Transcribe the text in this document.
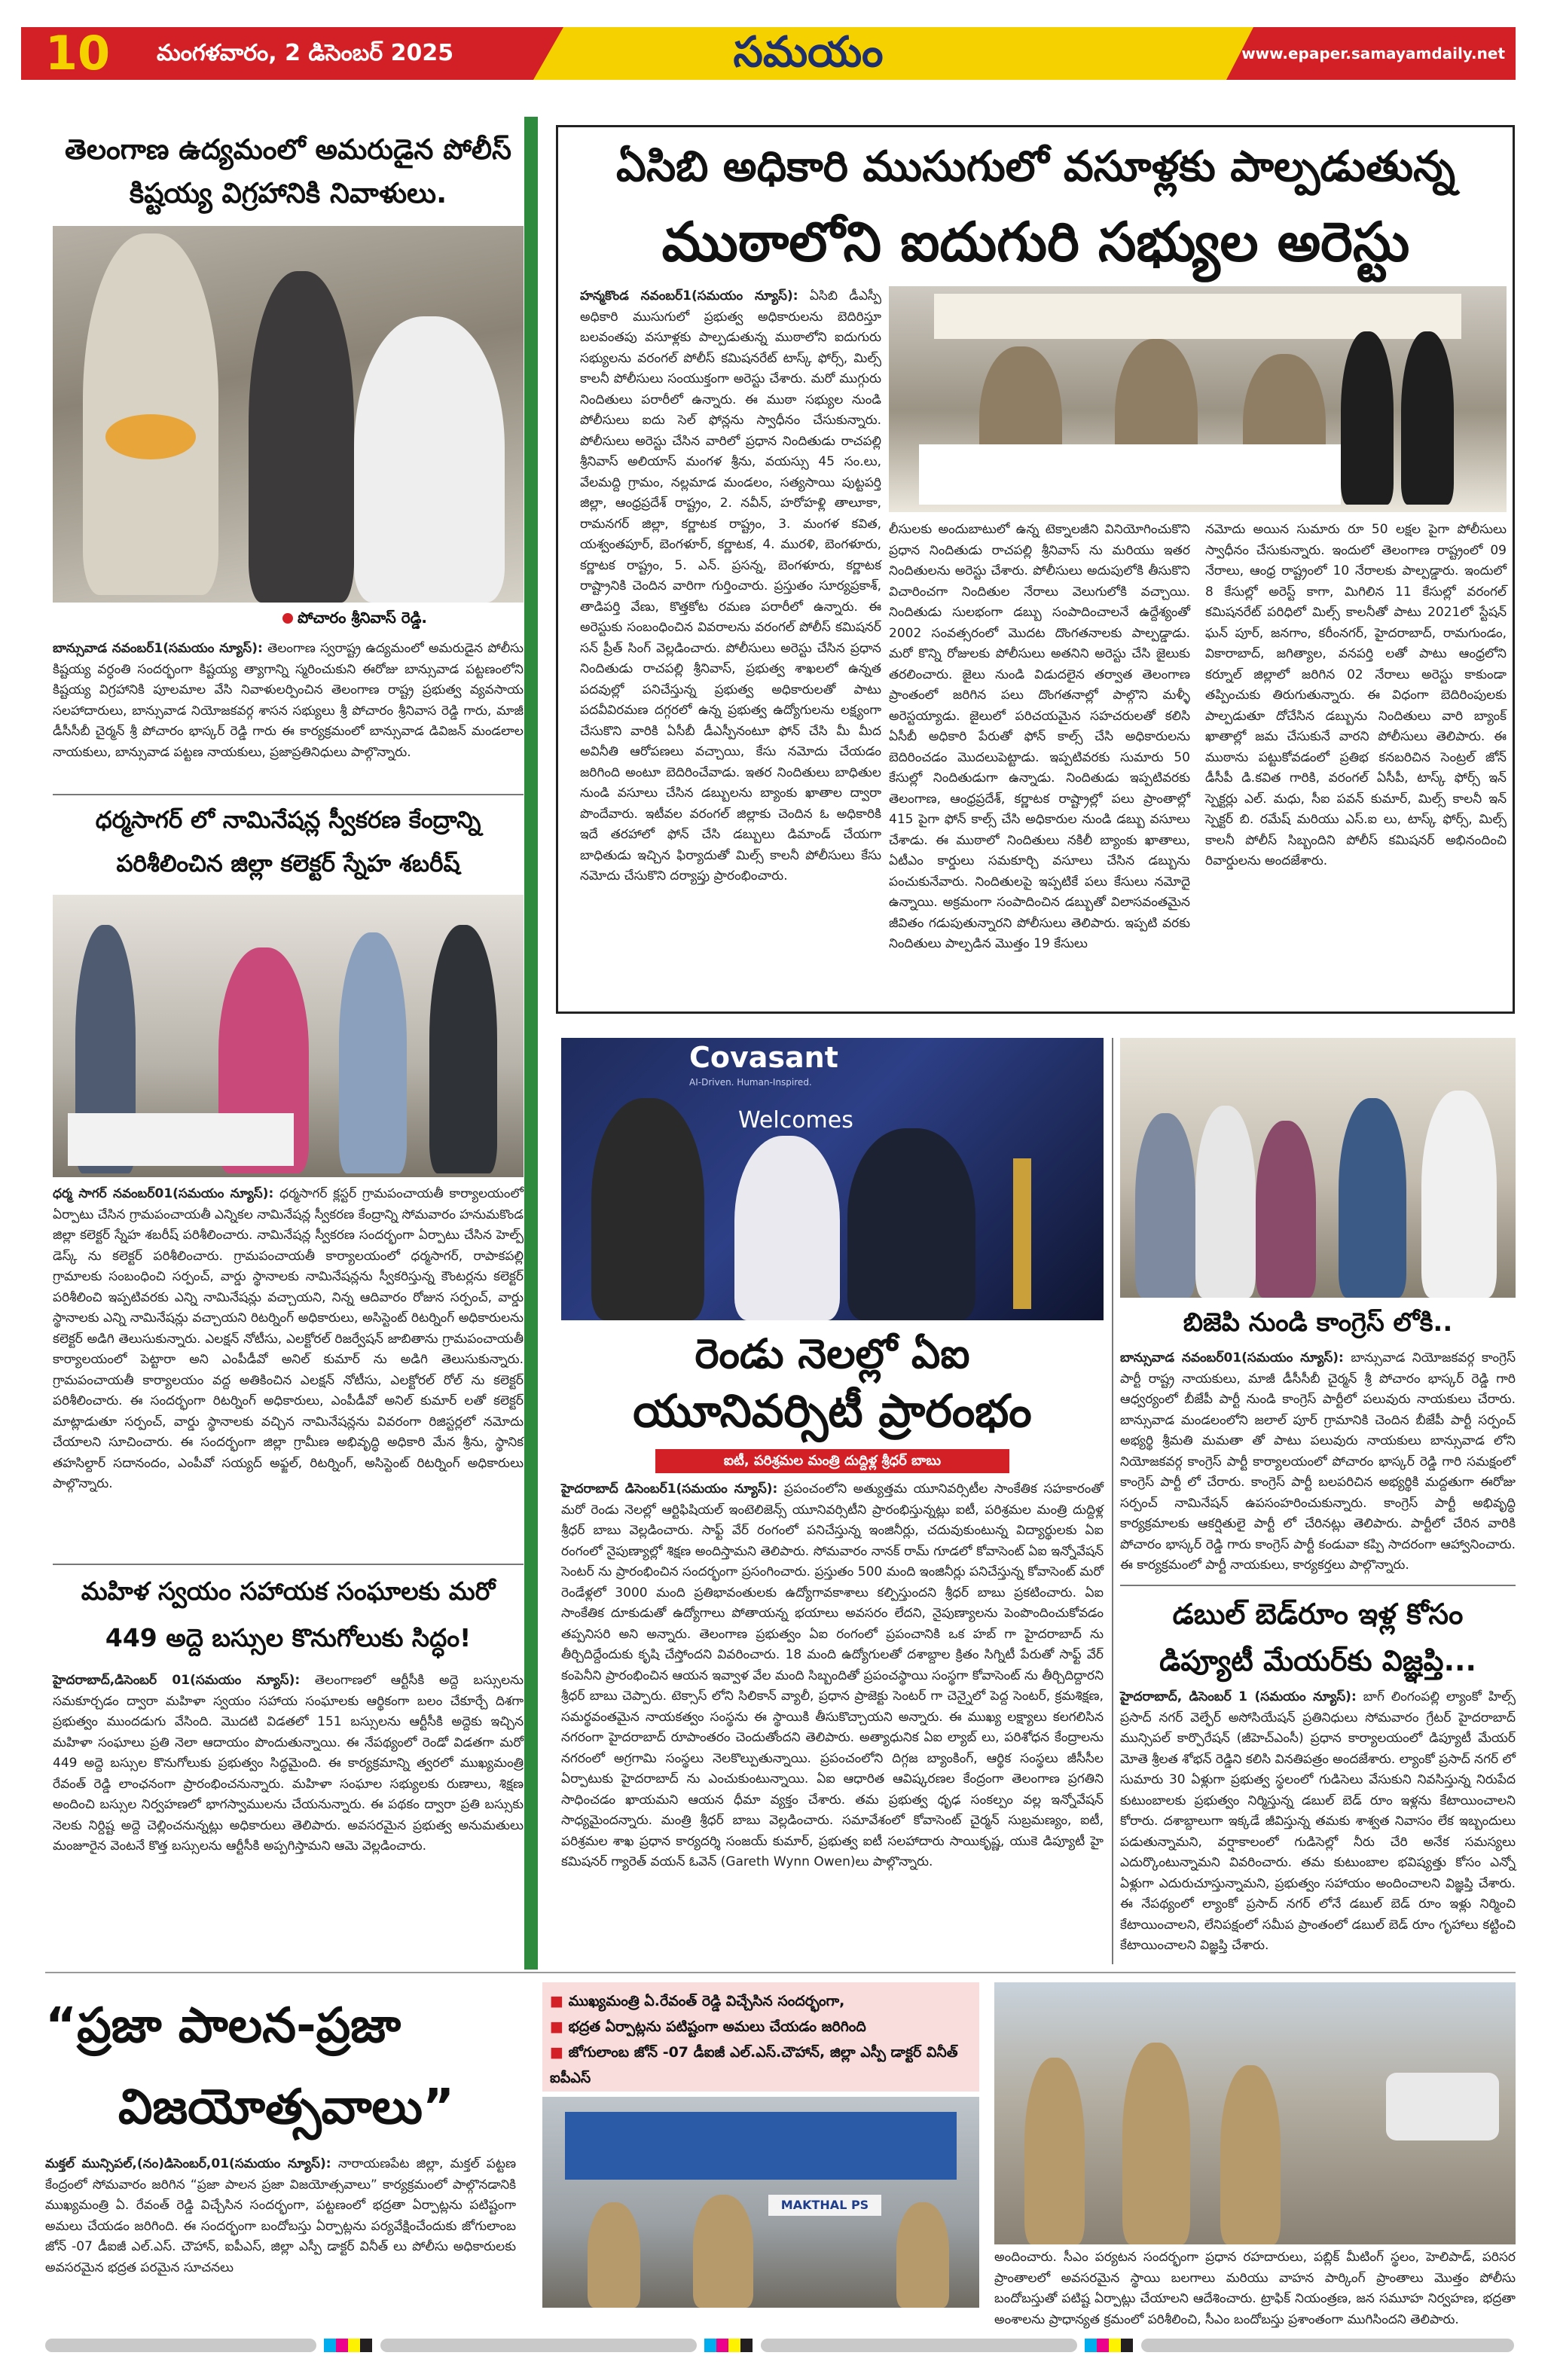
10	మంగళవారం, 2 డిసెంబర్ 2025	సమయం	www.epaper.samayamdaily.net
తెలంగాణ ఉద్యమంలో అమరుడైన పోలీస్ కిష్టయ్య విగ్రహానికి నివాళులు.
పోచారం శ్రీనివాస్ రెడ్డి.
బాన్సువాడ నవంబర్1(సమయం న్యూస్): తెలంగాణ స్వరాష్ట్ర ఉద్యమంలో అమరుడైన పోలీసు కిష్టయ్య వర్ధంతి సందర్భంగా కిష్టయ్య త్యాగాన్ని స్మరించుకుని ఈరోజు బాన్సువాడ పట్టణంలోని కిష్టయ్య విగ్రహానికి పూలమాల వేసి నివాళులర్పించిన తెలంగాణ రాష్ట్ర ప్రభుత్వ వ్యవసాయ సలహాదారులు, బాన్సువాడ నియోజకవర్గ శాసన సభ్యులు శ్రీ పోచారం శ్రీనివాస రెడ్డి గారు, మాజీ డీసీసీబీ చైర్మన్ శ్రీ పోచారం భాస్కర్ రెడ్డి గారు ఈ కార్యక్రమంలో బాన్సువాడ డివిజన్ మండలాల నాయకులు, బాన్సువాడ పట్టణ నాయకులు, ప్రజాప్రతినిధులు పాల్గొన్నారు.
ధర్మసాగర్ లో నామినేషన్ల స్వీకరణ కేంద్రాన్ని పరిశీలించిన జిల్లా కలెక్టర్ స్నేహ శబరీష్
ధర్మ సాగర్ నవంబర్01(సమయం న్యూస్): ధర్మసాగర్ క్లస్టర్ గ్రామపంచాయతీ కార్యాలయంలో ఏర్పాటు చేసిన గ్రామపంచాయతీ ఎన్నికల నామినేషన్ల స్వీకరణ కేంద్రాన్ని సోమవారం హనుమకొండ జిల్లా కలెక్టర్ స్నేహ శబరీష్ పరిశీలించారు. నామినేషన్ల స్వీకరణ సందర్భంగా ఏర్పాటు చేసిన హెల్ప్ డెస్క్ ను కలెక్టర్ పరిశీలించారు. గ్రామపంచాయతీ కార్యాలయంలో ధర్మసాగర్, రాపాకపల్లి గ్రామాలకు సంబంధించి సర్పంచ్, వార్డు స్థానాలకు నామినేషన్లను స్వీకరిస్తున్న కౌంటర్లను కలెక్టర్ పరిశీలించి ఇప్పటివరకు ఎన్ని నామినేషన్లు వచ్చాయని, నిన్న ఆదివారం రోజున సర్పంచ్, వార్డు స్థానాలకు ఎన్ని నామినేషన్లు వచ్చాయని రిటర్నింగ్ అధికారులు, అసిస్టెంట్ రిటర్నింగ్ అధికారులను కలెక్టర్ అడిగి తెలుసుకున్నారు. ఎలక్షన్ నోటీసు, ఎలక్టోరల్ రిజర్వేషన్ జాబితాను గ్రామపంచాయతీ కార్యాలయంలో పెట్టారా అని ఎంపీడీవో అనిల్ కుమార్ ను అడిగి తెలుసుకున్నారు. గ్రామపంచాయతీ కార్యాలయం వద్ద అతికించిన ఎలక్షన్ నోటీసు, ఎలక్టోరల్ రోల్ ను కలెక్టర్ పరిశీలించారు. ఈ సందర్భంగా రిటర్నింగ్ అధికారులు, ఎంపీడీవో అనిల్ కుమార్ లతో కలెక్టర్ మాట్లాడుతూ సర్పంచ్, వార్డు స్థానాలకు వచ్చిన నామినేషన్లను వివరంగా రిజిస్టర్లలో నమోదు చేయాలని సూచించారు. ఈ సందర్భంగా జిల్లా గ్రామీణ అభివృద్ధి అధికారి మేన శ్రీను, స్థానిక తహసిల్దార్ సదానందం, ఎంపీవో సయ్యద్ అఫ్జల్, రిటర్నింగ్, అసిస్టెంట్ రిటర్నింగ్ అధికారులు పాల్గొన్నారు.
మహిళ స్వయం సహాయక సంఘాలకు మరో 449 అద్దె బస్సుల కొనుగోలుకు సిద్ధం!
హైదరాబాద్,డిసెంబర్ 01(సమయం న్యూస్): తెలంగాణలో ఆర్టీసీకి అద్దె బస్సులను సమకూర్చడం ద్వారా మహిళా స్వయం సహాయ సంఘాలకు ఆర్థికంగా బలం చేకూర్చే దిశగా ప్రభుత్వం ముందడుగు వేసింది. మొదటి విడతలో 151 బస్సులను ఆర్టీసీకి అద్దెకు ఇచ్చిన మహిళా సంఘాలు ప్రతి నెలా ఆదాయం పొందుతున్నాయి. ఈ నేపథ్యంలో రెండో విడతగా మరో 449 అద్దె బస్సుల కొనుగోలుకు ప్రభుత్వం సిద్ధమైంది. ఈ కార్యక్రమాన్ని త్వరలో ముఖ్యమంత్రి రేవంత్ రెడ్డి లాంఛనంగా ప్రారంభించనున్నారు. మహిళా సంఘాల సభ్యులకు రుణాలు, శిక్షణ అందించి బస్సుల నిర్వహణలో భాగస్వాములను చేయనున్నారు. ఈ పథకం ద్వారా ప్రతి బస్సుకు నెలకు నిర్దిష్ట అద్దె చెల్లించనున్నట్లు అధికారులు తెలిపారు. అవసరమైన ప్రభుత్వ అనుమతులు మంజూరైన వెంటనే కొత్త బస్సులను ఆర్టీసీకి అప్పగిస్తామని ఆమె వెల్లడించారు.
ఏసిబి అధికారి ముసుగులో వసూళ్లకు పాల్పడుతున్న
ముఠాలోని ఐదుగురి సభ్యుల అరెస్టు
హన్మకొండ నవంబర్1(సమయం న్యూస్): ఏసిబి డీఎస్పీ అధికారి ముసుగులో ప్రభుత్వ అధికారులను బెదిరిస్తూ బలవంతపు వసూళ్లకు పాల్పడుతున్న ముఠాలోని ఐదుగురు సభ్యులను వరంగల్ పోలీస్ కమిషనరేట్ టాస్క్ ఫోర్స్, మిల్స్ కాలనీ పోలీసులు సంయుక్తంగా అరెస్టు చేశారు. మరో ముగ్గురు నిందితులు పరారీలో ఉన్నారు. ఈ ముఠా సభ్యుల నుండి పోలీసులు ఐదు సెల్ ఫోన్లను స్వాధీనం చేసుకున్నారు. పోలీసులు అరెస్టు చేసిన వారిలో ప్రధాన నిందితుడు రాచపల్లి శ్రీనివాస్ అలియాస్ మంగళ శ్రీను, వయస్సు 45 సం.లు, వేలమద్ది గ్రామం, నల్లమాడ మండలం, సత్యసాయి పుట్టపర్తి జిల్లా, ఆంధ్రప్రదేశ్ రాష్ట్రం, 2. నవీన్, హరోహళ్లి తాలూకా, రామనగర్ జిల్లా, కర్ణాటక రాష్ట్రం, 3. మంగళ కవిత, యశ్వంతపూర్, బెంగళూర్, కర్ణాటక, 4. మురళి, బెంగళూరు, కర్ణాటక రాష్ట్రం, 5. ఎన్. ప్రసన్న, బెంగళూరు, కర్ణాటక రాష్ట్రానికి చెందిన వారిగా గుర్తించారు. ప్రస్తుతం సూర్యప్రకాశ్, తాడిపర్తి వేణు, కొత్తకోట రమణ పరారీలో ఉన్నారు. ఈ అరెస్టుకు సంబంధించిన వివరాలను వరంగల్ పోలీస్ కమిషనర్ సన్ ప్రీత్ సింగ్ వెల్లడించారు. పోలీసులు అరెస్టు చేసిన ప్రధాన నిందితుడు రాచపల్లి శ్రీనివాస్, ప్రభుత్వ శాఖలలో ఉన్నత పదవుల్లో పనిచేస్తున్న ప్రభుత్వ అధికారులతో పాటు పదవీవిరమణ దగ్గరలో ఉన్న ప్రభుత్వ ఉద్యోగులను లక్ష్యంగా చేసుకొని వారికి ఏసీబీ డీఎస్పీనంటూ ఫోన్ చేసి మీ మీద అవినీతి ఆరోపణలు వచ్చాయి, కేసు నమోదు చేయడం జరిగింది అంటూ బెదిరించేవాడు. ఇతర నిందితులు బాధితుల నుండి వసూలు చేసిన డబ్బులను బ్యాంకు ఖాతాల ద్వారా పొందేవారు. ఇటీవల వరంగల్ జిల్లాకు చెందిన ఓ అధికారికి ఇదే తరహాలో ఫోన్ చేసి డబ్బులు డిమాండ్ చేయగా బాధితుడు ఇచ్చిన ఫిర్యాదుతో మిల్స్ కాలనీ పోలీసులు కేసు నమోదు చేసుకొని దర్యాప్తు ప్రారంభించారు.
లీసులకు అందుబాటులో ఉన్న టెక్నాలజీని వినియోగించుకొని ప్రధాన నిందితుడు రాచపల్లి శ్రీనివాస్ ను మరియు ఇతర నిందితులను అరెస్టు చేశారు. పోలీసులు అదుపులోకి తీసుకొని విచారించగా నిందితుల నేరాలు వెలుగులోకి వచ్చాయి. నిందితుడు సులభంగా డబ్బు సంపాదించాలనే ఉద్దేశ్యంతో 2002 సంవత్సరంలో మొదట దొంగతనాలకు పాల్పడ్డాడు. మరో కొన్ని రోజులకు పోలీసులు అతనిని అరెస్టు చేసి జైలుకు తరలించారు. జైలు నుండి విడుదలైన తర్వాత తెలంగాణ ప్రాంతంలో జరిగిన పలు దొంగతనాల్లో పాల్గొని మళ్ళీ అరెస్టయ్యాడు. జైలులో పరిచయమైన సహచరులతో కలిసి ఏసీబీ అధికారి పేరుతో ఫోన్ కాల్స్ చేసి అధికారులను బెదిరించడం మొదలుపెట్టాడు. ఇప్పటివరకు సుమారు 50 కేసుల్లో నిందితుడుగా ఉన్నాడు. నిందితుడు ఇప్పటివరకు తెలంగాణ, ఆంధ్రప్రదేశ్, కర్ణాటక రాష్ట్రాల్లో పలు ప్రాంతాల్లో 415 పైగా ఫోన్ కాల్స్ చేసి అధికారుల నుండి డబ్బు వసూలు చేశాడు. ఈ ముఠాలో నిందితులు నకిలీ బ్యాంకు ఖాతాలు, ఏటీఎం కార్డులు సమకూర్చి వసూలు చేసిన డబ్బును పంచుకునేవారు. నిందితులపై ఇప్పటికే పలు కేసులు నమోదై ఉన్నాయి. అక్రమంగా సంపాదించిన డబ్బుతో విలాసవంతమైన జీవితం గడుపుతున్నారని పోలీసులు తెలిపారు. ఇప్పటి వరకు నిందితులు పాల్పడిన మొత్తం 19 కేసులు
నమోదు అయిన సుమారు రూ 50 లక్షల పైగా పోలీసులు స్వాధీనం చేసుకున్నారు. ఇందులో తెలంగాణ రాష్ట్రంలో 09 నేరాలు, ఆంధ్ర రాష్ట్రంలో 10 నేరాలకు పాల్పడ్డారు. ఇందులో 8 కేసుల్లో అరెస్ట్ కాగా, మిగిలిన 11 కేసుల్లో వరంగల్ కమిషనరేట్ పరిధిలో మిల్స్ కాలనీతో పాటు 2021లో స్టేషన్ ఘన్ పూర్, జనగాం, కరీంనగర్, హైదరాబాద్, రామగుండం, వికారాబాద్, జగిత్యాల, వనపర్తి లతో పాటు ఆంధ్రలోని కర్నూల్ జిల్లాలో జరిగిన 02 నేరాలు అరెస్టు కాకుండా తప్పించుకు తిరుగుతున్నారు. ఈ విధంగా బెదిరింపులకు పాల్పడుతూ దోచేసిన డబ్బును నిందితులు వారి బ్యాంక్ ఖాతాల్లో జమ చేసుకునే వారని పోలీసులు తెలిపారు. ఈ ముఠాను పట్టుకోవడంలో ప్రతిభ కనబరిచిన సెంట్రల్ జోన్ డీసీపీ డి.కవిత గారికి, వరంగల్ ఏసీపీ, టాస్క్ ఫోర్స్ ఇన్ స్పెక్టర్లు ఎల్. మధు, సీఐ పవన్ కుమార్, మిల్స్ కాలనీ ఇన్ స్పెక్టర్ బి. రమేష్ మరియు ఎస్.ఐ లు, టాస్క్ ఫోర్స్, మిల్స్ కాలనీ పోలీస్ సిబ్బందిని పోలీస్ కమిషనర్ అభినందించి రివార్డులను అందజేశారు.
Covasant
AI-Driven. Human-Inspired.
Welcomes
రెండు నెలల్లో ఏఐ
యూనివర్సిటీ ప్రారంభం
ఐటీ, పరిశ్రమల మంత్రి దుద్దిళ్ల శ్రీధర్ బాబు
హైదరాబాద్ డిసెంబర్1(సమయం న్యూస్): ప్రపంచంలోని అత్యుత్తమ యూనివర్సిటీల సాంకేతిక సహకారంతో మరో రెండు నెలల్లో ఆర్టిఫిషియల్ ఇంటెలిజెన్స్ యూనివర్సిటీని ప్రారంభిస్తున్నట్లు ఐటీ, పరిశ్రమల మంత్రి దుద్దిళ్ల శ్రీధర్ బాబు వెల్లడించారు. సాఫ్ట్ వేర్ రంగంలో పనిచేస్తున్న ఇంజినీర్లు, చదువుకుంటున్న విద్యార్థులకు ఏఐ రంగంలో నైపుణ్యాల్లో శిక్షణ అందిస్తామని తెలిపారు. సోమవారం నానక్ రామ్ గూడలో కోవాసెంట్ ఏఐ ఇన్నోవేషన్ సెంటర్ ను ప్రారంభించిన సందర్భంగా ప్రసంగించారు. ప్రస్తుతం 500 మంది ఇంజినీర్లు పనిచేస్తున్న కోవాసెంట్ మరో రెండేళ్లలో 3000 మంది ప్రతిభావంతులకు ఉద్యోగావకాశాలు కల్పిస్తుందని శ్రీధర్ బాబు ప్రకటించారు. ఏఐ సాంకేతిక దూకుడుతో ఉద్యోగాలు పోతాయన్న భయాలు అవసరం లేదని, నైపుణ్యాలను పెంపొందించుకోవడం తప్పనిసరి అని అన్నారు. తెలంగాణ ప్రభుత్వం ఏఐ రంగంలో ప్రపంచానికి ఒక హబ్ గా హైదరాబాద్ ను తీర్చిదిద్దేందుకు కృషి చేస్తోందని వివరించారు. 18 మంది ఉద్యోగులతో దశాబ్దాల క్రితం సిగ్నిటీ పేరుతో సాఫ్ట్ వేర్ కంపెనీని ప్రారంభించిన ఆయన ఇవ్వాళ వేల మంది సిబ్బందితో ప్రపంచస్థాయి సంస్థగా కోవాసెంట్ ను తీర్చిదిద్దారని శ్రీధర్ బాబు చెప్పారు. టెక్సాస్ లోని సిలికాన్ వ్యాలీ, ప్రధాన ప్రాజెక్టు సెంటర్ గా చెన్నైలో పెద్ద సెంటర్, క్రమశిక్షణ, సమర్థవంతమైన నాయకత్వం సంస్థను ఈ స్థాయికి తీసుకొచ్చాయని అన్నారు. ఈ ముఖ్య లక్ష్యాలు కలగలిసిన నగరంగా హైదరాబాద్ రూపాంతరం చెందుతోందని తెలిపారు. అత్యాధునిక ఏఐ ల్యాబ్ లు, పరిశోధన కేంద్రాలను నగరంలో అగ్రగామి సంస్థలు నెలకొల్పుతున్నాయి. ప్రపంచంలోని దిగ్గజ బ్యాంకింగ్, ఆర్థిక సంస్థలు జీసీసీల ఏర్పాటుకు హైదరాబాద్ ను ఎంచుకుంటున్నాయి. ఏఐ ఆధారిత ఆవిష్కరణల కేంద్రంగా తెలంగాణ ప్రగతిని సాధించడం ఖాయమని ఆయన ధీమా వ్యక్తం చేశారు. తమ ప్రభుత్వ ధృఢ సంకల్పం వల్ల ఇన్నోవేషన్ సాధ్యమైందన్నారు. మంత్రి శ్రీధర్ బాబు వెల్లడించారు. సమావేశంలో కోవాసెంట్ చైర్మన్ సుబ్రమణ్యం, ఐటీ, పరిశ్రమల శాఖ ప్రధాన కార్యదర్శి సంజయ్ కుమార్, ప్రభుత్వ ఐటీ సలహాదారు సాయికృష్ణ, యుకె డిప్యూటీ హై కమిషనర్ గ్యారెత్ వయన్ ఓవెన్ (Gareth Wynn Owen)లు పాల్గొన్నారు.
బిజెపి నుండి కాంగ్రెస్ లోకి..
బాన్సువాడ నవంబర్01(సమయం న్యూస్): బాన్సువాడ నియోజకవర్గ కాంగ్రెస్ పార్టీ రాష్ట్ర నాయకులు, మాజీ డీసీసీబీ చైర్మన్ శ్రీ పోచారం భాస్కర్ రెడ్డి గారి ఆధ్వర్యంలో బీజేపీ పార్టీ నుండి కాంగ్రెస్ పార్టీలో పలువురు నాయకులు చేరారు. బాన్సువాడ మండలంలోని జలాల్ పూర్ గ్రామానికి చెందిన బీజేపీ పార్టీ సర్పంచ్ అభ్యర్థి శ్రీమతి మమతా తో పాటు పలువురు నాయకులు బాన్సువాడ లోని నియోజకవర్గ కాంగ్రెస్ పార్టీ కార్యాలయంలో పోచారం భాస్కర్ రెడ్డి గారి సమక్షంలో కాంగ్రెస్ పార్టీ లో చేరారు. కాంగ్రెస్ పార్టీ బలపరిచిన అభ్యర్థికి మద్దతుగా ఈరోజు సర్పంచ్ నామినేషన్ ఉపసంహరించుకున్నారు. కాంగ్రెస్ పార్టీ అభివృద్ధి కార్యక్రమాలకు ఆకర్షితులై పార్టీ లో చేరినట్లు తెలిపారు. పార్టీలో చేరిన వారికి పోచారం భాస్కర్ రెడ్డి గారు కాంగ్రెస్ పార్టీ కండువా కప్పి సాదరంగా ఆహ్వానించారు. ఈ కార్యక్రమంలో పార్టీ నాయకులు, కార్యకర్తలు పాల్గొన్నారు.
డబుల్ బెడ్‌రూం ఇళ్ల కోసం
డిప్యూటీ మేయర్‌కు విజ్ఞప్తి...
హైదరాబాద్, డిసెంబర్ 1 (సమయం న్యూస్): బాగ్ లింగంపల్లి ల్యాంకో హిల్స్ ప్రసాద్ నగర్ వెల్ఫేర్ అసోసియేషన్ ప్రతినిధులు సోమవారం గ్రేటర్ హైదరాబాద్ మున్సిపల్ కార్పొరేషన్ (జీహెచ్ఎంసీ) ప్రధాన కార్యాలయంలో డిప్యూటీ మేయర్ మోతె శ్రీలత శోభన్ రెడ్డిని కలిసి వినతిపత్రం అందజేశారు. ల్యాంకో ప్రసాద్ నగర్ లో సుమారు 30 ఏళ్లుగా ప్రభుత్వ స్థలంలో గుడిసెలు వేసుకుని నివసిస్తున్న నిరుపేద కుటుంబాలకు ప్రభుత్వం నిర్మిస్తున్న డబుల్ బెడ్ రూం ఇళ్లను కేటాయించాలని కోరారు. దశాబ్దాలుగా ఇక్కడే జీవిస్తున్న తమకు శాశ్వత నివాసం లేక ఇబ్బందులు పడుతున్నామని, వర్షాకాలంలో గుడిసెల్లో నీరు చేరి అనేక సమస్యలు ఎదుర్కొంటున్నామని వివరించారు. తమ కుటుంబాల భవిష్యత్తు కోసం ఎన్నో ఏళ్లుగా ఎదురుచూస్తున్నామని, ప్రభుత్వం సహాయం అందించాలని విజ్ఞప్తి చేశారు. ఈ నేపథ్యంలో ల్యాంకో ప్రసాద్ నగర్ లోనే డబుల్ బెడ్ రూం ఇళ్లు నిర్మించి కేటాయించాలని, లేనిపక్షంలో సమీప ప్రాంతంలో డబుల్ బెడ్ రూం గృహాలు కట్టించి కేటాయించాలని విజ్ఞప్తి చేశారు.
“ప్రజా పాలన-ప్రజా
విజయోత్సవాలు”
■ ముఖ్యమంత్రి ఏ.రేవంత్ రెడ్డి విచ్చేసిన సందర్భంగా,
■ భద్రత ఏర్పాట్లను పటిష్టంగా అమలు చేయడం జరిగింది
■ జోగులాంబ జోన్ -07 డీఐజీ ఎల్.ఎస్.చౌహాన్, జిల్లా ఎస్పీ డాక్టర్ వినీత్ ఐపీఎస్
మక్తల్ మున్సిపల్,(నం)డిసెంబర్,01(సమయం న్యూస్): నారాయణపేట జిల్లా, మక్తల్ పట్టణ కేంద్రంలో సోమవారం జరిగిన “ప్రజా పాలన ప్రజా విజయోత్సవాలు” కార్యక్రమంలో పాల్గొనడానికి ముఖ్యమంత్రి ఏ. రేవంత్ రెడ్డి విచ్చేసిన సందర్భంగా, పట్టణంలో భద్రతా ఏర్పాట్లను పటిష్టంగా అమలు చేయడం జరిగింది. ఈ సందర్భంగా బందోబస్తు ఏర్పాట్లను పర్యవేక్షించేందుకు జోగులాంబ జోన్ -07 డీఐజీ ఎల్.ఎస్. చౌహాన్, ఐపీఎస్, జిల్లా ఎస్పీ డాక్టర్ వినీత్ లు పోలీసు అధికారులకు అవసరమైన భద్రత పరమైన సూచనలు
MAKTHAL PS
అందించారు. సీఎం పర్యటన సందర్భంగా ప్రధాన రహదారులు, పబ్లిక్ మీటింగ్ స్థలం, హెలిపాడ్, పరిసర ప్రాంతాలలో అవసరమైన స్థాయి బలగాలు మరియు వాహన పార్కింగ్ ప్రాంతాలు మొత్తం పోలీసు బందోబస్తుతో పటిష్ట ఏర్పాట్లు చేయాలని ఆదేశించారు. ట్రాఫిక్ నియంత్రణ, జన సమూహ నిర్వహణ, భద్రతా అంశాలను ప్రాధాన్యత క్రమంలో పరిశీలించి, సీఎం బందోబస్తు ప్రశాంతంగా ముగిసిందని తెలిపారు.
